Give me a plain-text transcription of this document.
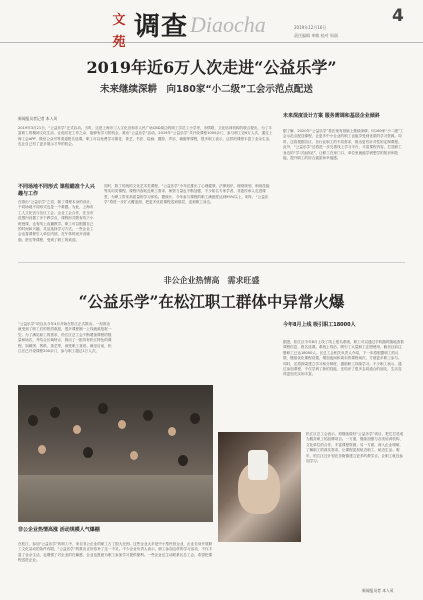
文苑
调查 Diaocha	2019年12月16日
4
责任编辑 单敏 校对 周丽
2019年近6万人次走进“公益乐学”
未来继续深耕　向180家“小二级”工会示范点配送
新闻报员者记者 本人风

2019年3月21日，“公益乐学”正式启动。当时，这是上海市工人文化宫和市人民广场CBD周边的职工学员工小学华，市情联、文化培训机构的联合提出，为了丰富职工的精神文化生活，让他们在工作之余，能够有学习的机会，推出“公益乐学”活动。2019年“公益乐学”共开设课程1000余门，参与职工近6万人次，通过上海工会APP、微信公众号等渠道报名选课。职工可以免费学习插花、茶艺、书法、绘画、摄影、声乐、瑜伽等课程，很多职工表示，这样的课程丰富了业余生活，也让自己有了更多展示才华的机会。

不同场地不同形式 课程瞄准个人兴趣与工作

在推出“公益乐学”之初，除了课程本身的设计，不同场地不同形式也是一个难题。为此，上海市工人文化宫与各区工会、企业工会合作，在全市范围内设置了多个教学点，课程形式既有线下小班授课，也有线上直播教学。职工可以根据自己的时间和兴趣，灵活选择学习方式。一些企业工会也将课程引入单位内部，在午休时间开设瑜伽、舒压等课程，受到了职工的欢迎。

同时，除了传统的文化艺术类课程，“公益乐学”今年还推出了心理健康、法律知识、理财规划、职场技能等实用类课程。课程内容贴近职工需求，师资力量也不断加强，不少知名专家学者、非遗传承人走进课堂，为职工带来高质量的学习体验。据统计，今年参与课程的职工满意度达到95%以上。明年，“公益乐学”将进一步扩大覆盖面，把更多优质课程送到基层、送到职工身边。

未来深度设计方案 服务需调和基层企业倾斜

据了解，2020年“公益乐学”将在现有基础上继续深耕，向180家“小二级”工会示范点配送课程，让更多中小企业的职工也能享受到优质的学习资源。同时，还将根据各区、各行业职工的不同需求，推出更有针对性的定制课程。此外，“公益乐学”还将进一步完善线上学习平台，丰富课程内容，打造职工身边的“学习加油站”，让职工在家门口、单位里就能学到想学的知识和技能，提升职工的综合素质和幸福感。

非公企业热情高　需求旺盛
“公益乐学”在松江职工群体中异常火爆

“公益乐学”项目从今年4月开始在松江正式推出。一经推出就受到了职工们的热烈欢迎，很多课程刚一上线就被抢报一空。为了满足职工的需求，松江区总工会不断增加课程的数量和场次，并结合区域特点，推出了一批具有松江特色的课程，如顾绣、剪纸、茶艺等，深受职工喜爱。截至目前，松江区已开设课程200余门，参与职工超过1万人次。

非公企业热情高涨 活动规模人气爆棚

在松江，参加“公益乐学”的职工中，来自非公企业的职工占了很大比例。这些企业大多是中小型民营企业，企业自身开展职工文化活动的条件有限，“公益乐学”的推出正好弥补了这一不足。不少企业负责人表示，职工参加这样的学习活动，不仅丰富了业余生活，也增强了对企业的归属感，企业也愿意为职工参加学习提供便利。一些企业还主动联系区总工会，希望把课程送进企业。

今年8月上线 吸引职工18000人

据悉，松江区今年8月上线了线上报名系统，职工可以通过手机随时随地查看课程信息、报名选课。系统上线后，吸引了大量职工注册使用，截至目前注册职工已达18000人。区总工会相关负责人介绍，下一步将根据职工的反馈，继续优化课程设置，增加夜间和周末的课程场次，方便更多职工参与。同时，还将探索建立学习积分制度，激励职工持续学习。不少职工表示，通过参加课程，不仅学到了新的技能，还结识了很多志同道合的朋友，生活变得更加充实和丰富。

松江区总工会表示，将继续做好“公益乐学”项目，把它打造成为服务职工的品牌项目。一方面，继续加强与各类培训机构、文化单位的合作，丰富课程资源；另一方面，深入企业调研，了解职工的真实需求，让课程更加贴近职工、贴近生活。明年，松江区还计划在各街镇建立更多的教学点，让职工就近参加学习。

新闻报员者 本人风
